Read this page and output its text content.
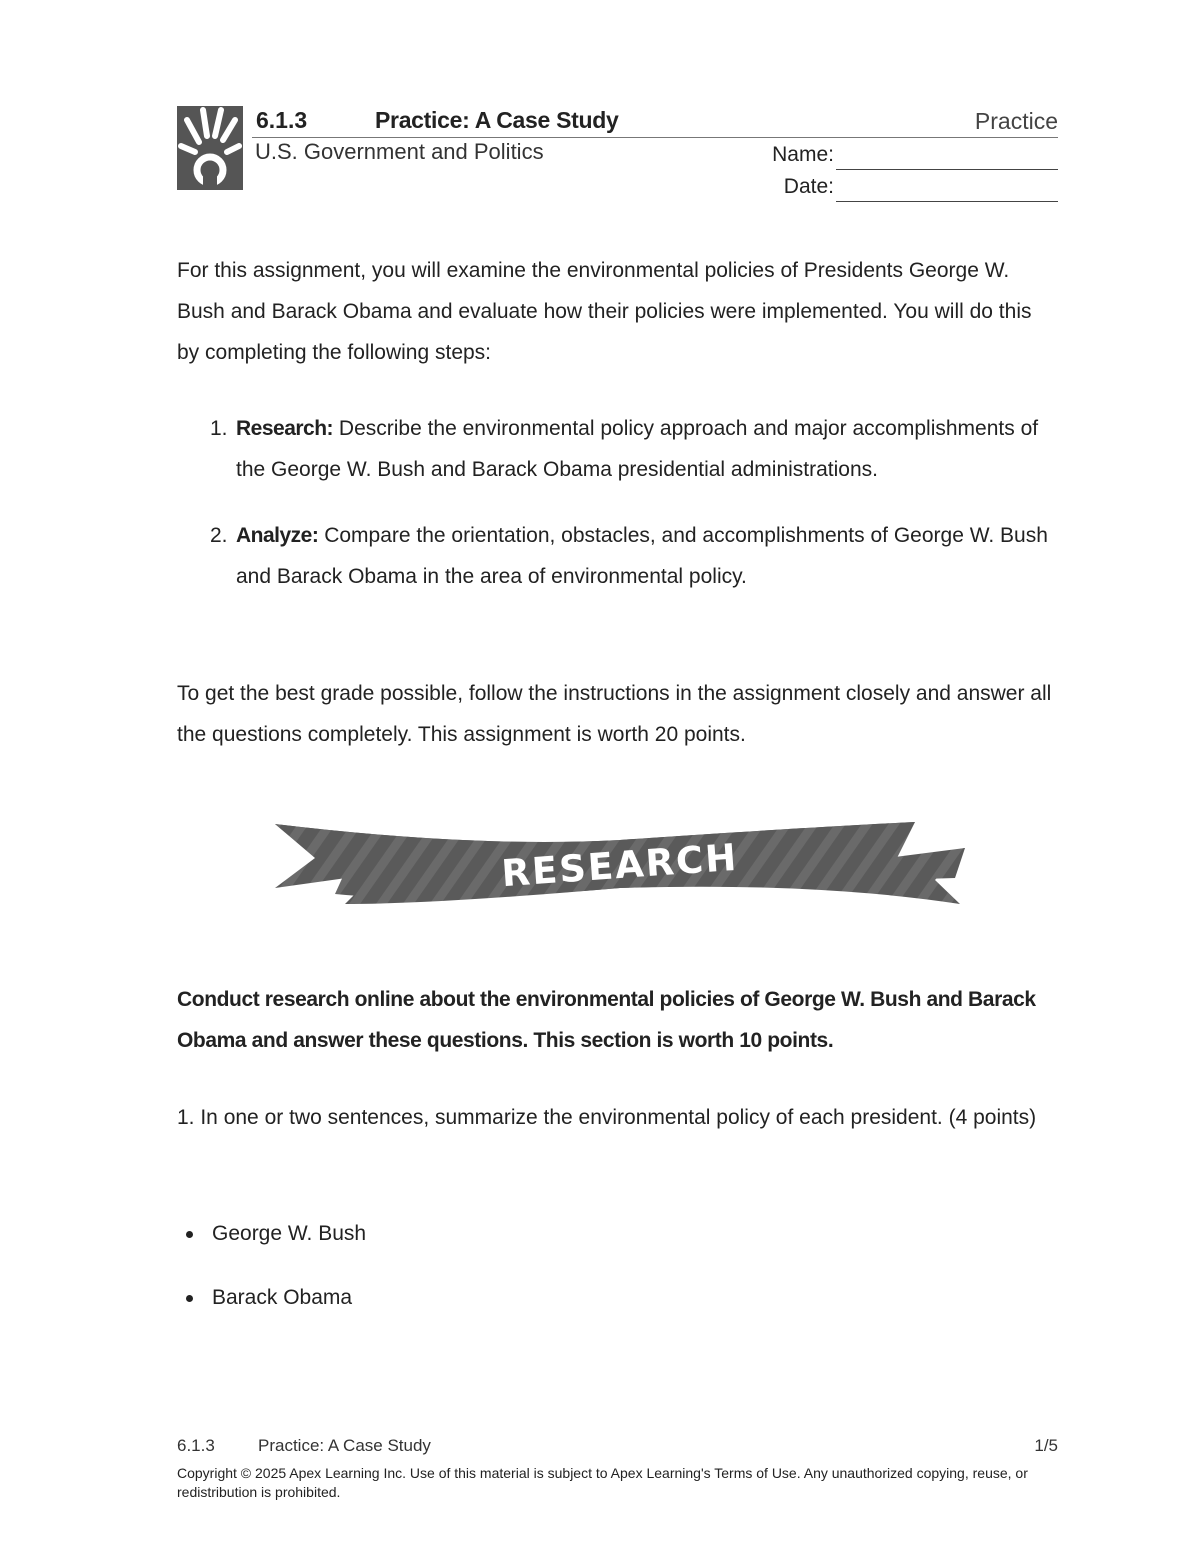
6.1.3	Practice: A Case Study	Practice
U.S. Government and Politics	Name:
Date:
For this assignment, you will examine the environmental policies of Presidents George W. Bush and Barack Obama and evaluate how their policies were implemented. You will do this by completing the following steps:
1. Research: Describe the environmental policy approach and major accomplishments of the George W. Bush and Barack Obama presidential administrations.
2. Analyze: Compare the orientation, obstacles, and accomplishments of George W. Bush and Barack Obama in the area of environmental policy.
To get the best grade possible, follow the instructions in the assignment closely and answer all the questions completely. This assignment is worth 20 points.
RESEARCH
Conduct research online about the environmental policies of George W. Bush and Barack Obama and answer these questions. This section is worth 10 points.
1. In one or two sentences, summarize the environmental policy of each president. (4 points)
George W. Bush
Barack Obama
6.1.3	Practice: A Case Study	1/5
Copyright © 2025 Apex Learning Inc. Use of this material is subject to Apex Learning's Terms of Use. Any unauthorized copying, reuse, or redistribution is prohibited.
